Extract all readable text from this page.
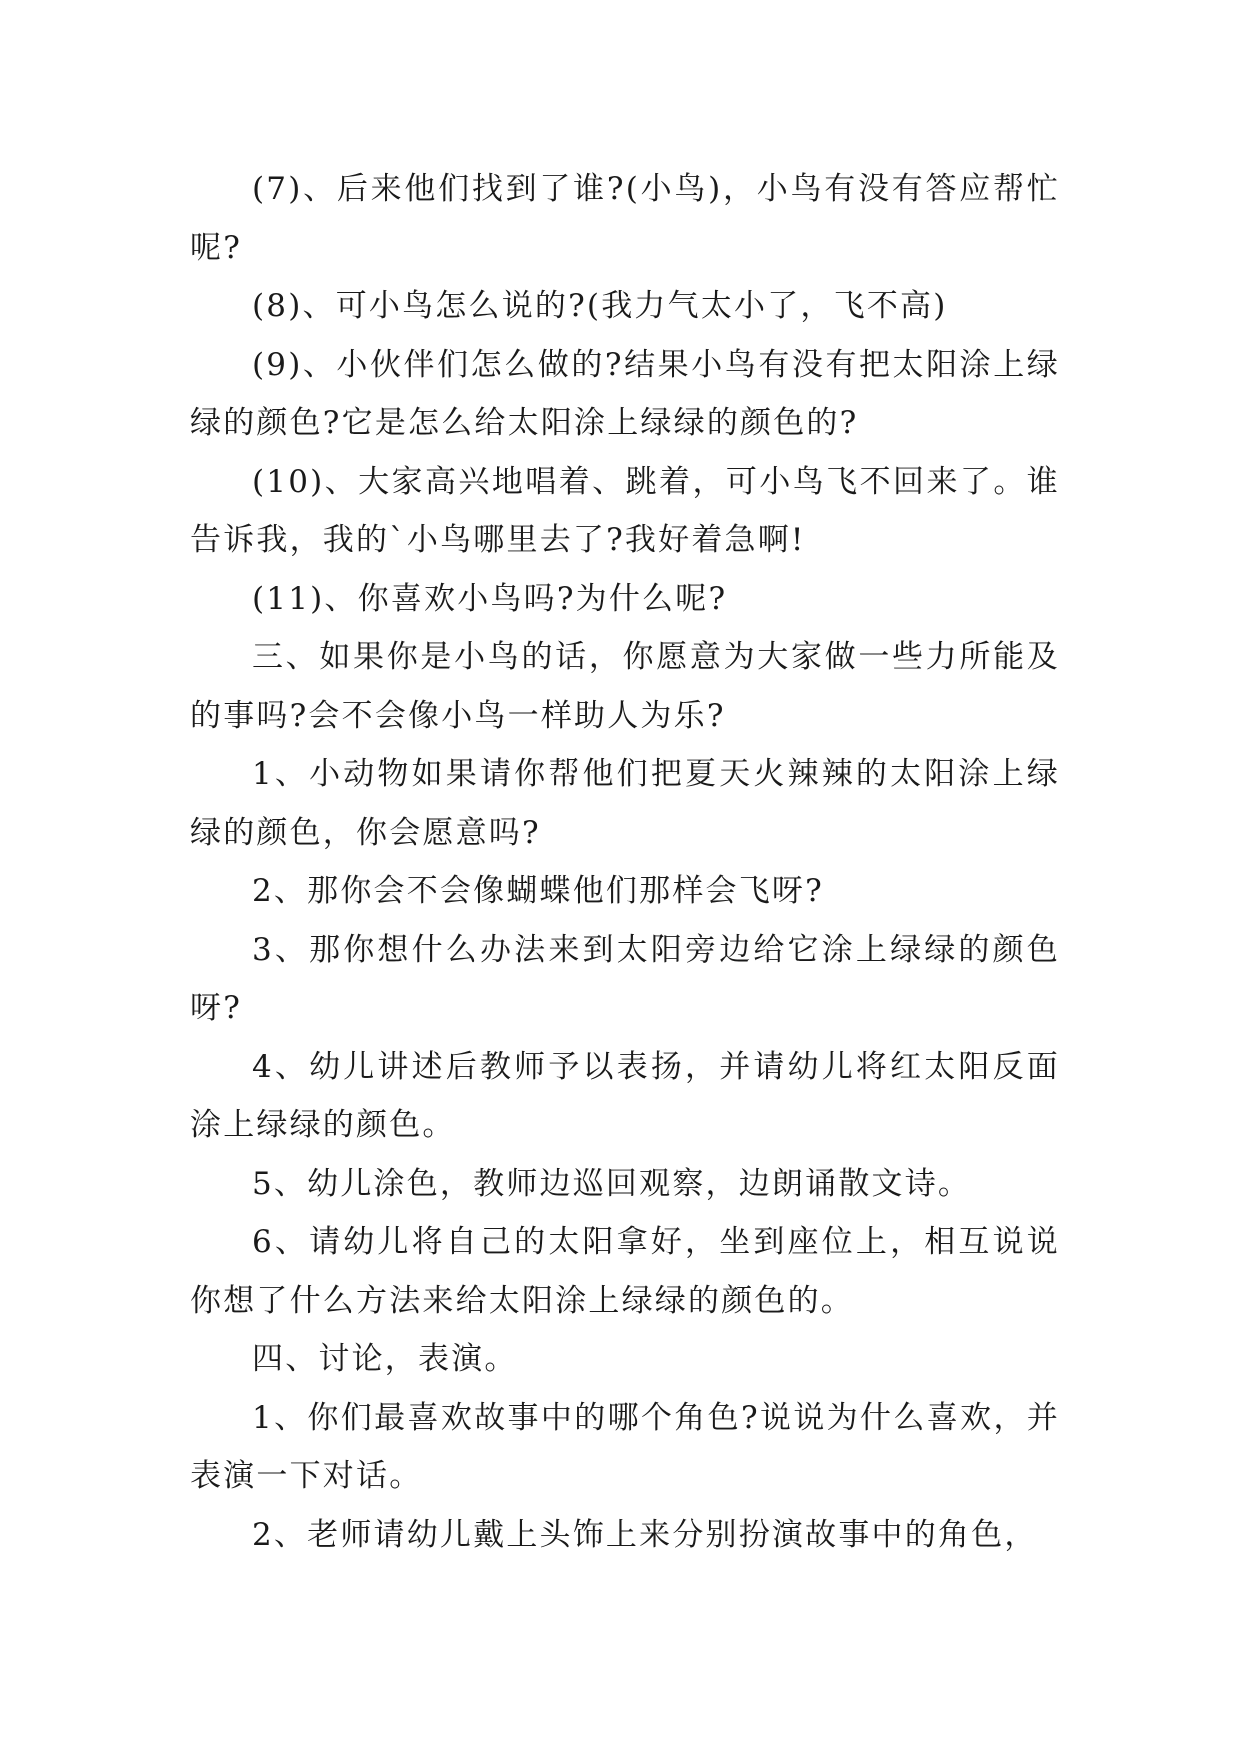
(7)、后来他们找到了谁?(小鸟)，小鸟有没有答应帮忙呢?

(8)、可小鸟怎么说的?(我力气太小了，飞不高)

(9)、小伙伴们怎么做的?结果小鸟有没有把太阳涂上绿绿的颜色?它是怎么给太阳涂上绿绿的颜色的?

(10)、大家高兴地唱着、跳着，可小鸟飞不回来了。谁告诉我，我的`小鸟哪里去了?我好着急啊!

(11)、你喜欢小鸟吗?为什么呢?

三、如果你是小鸟的话，你愿意为大家做一些力所能及的事吗?会不会像小鸟一样助人为乐?

1、小动物如果请你帮他们把夏天火辣辣的太阳涂上绿绿的颜色，你会愿意吗?

2、那你会不会像蝴蝶他们那样会飞呀?

3、那你想什么办法来到太阳旁边给它涂上绿绿的颜色呀?

4、幼儿讲述后教师予以表扬，并请幼儿将红太阳反面涂上绿绿的颜色。

5、幼儿涂色，教师边巡回观察，边朗诵散文诗。

6、请幼儿将自己的太阳拿好，坐到座位上，相互说说你想了什么方法来给太阳涂上绿绿的颜色的。

四、讨论，表演。

1、你们最喜欢故事中的哪个角色?说说为什么喜欢，并表演一下对话。

2、老师请幼儿戴上头饰上来分别扮演故事中的角色，
